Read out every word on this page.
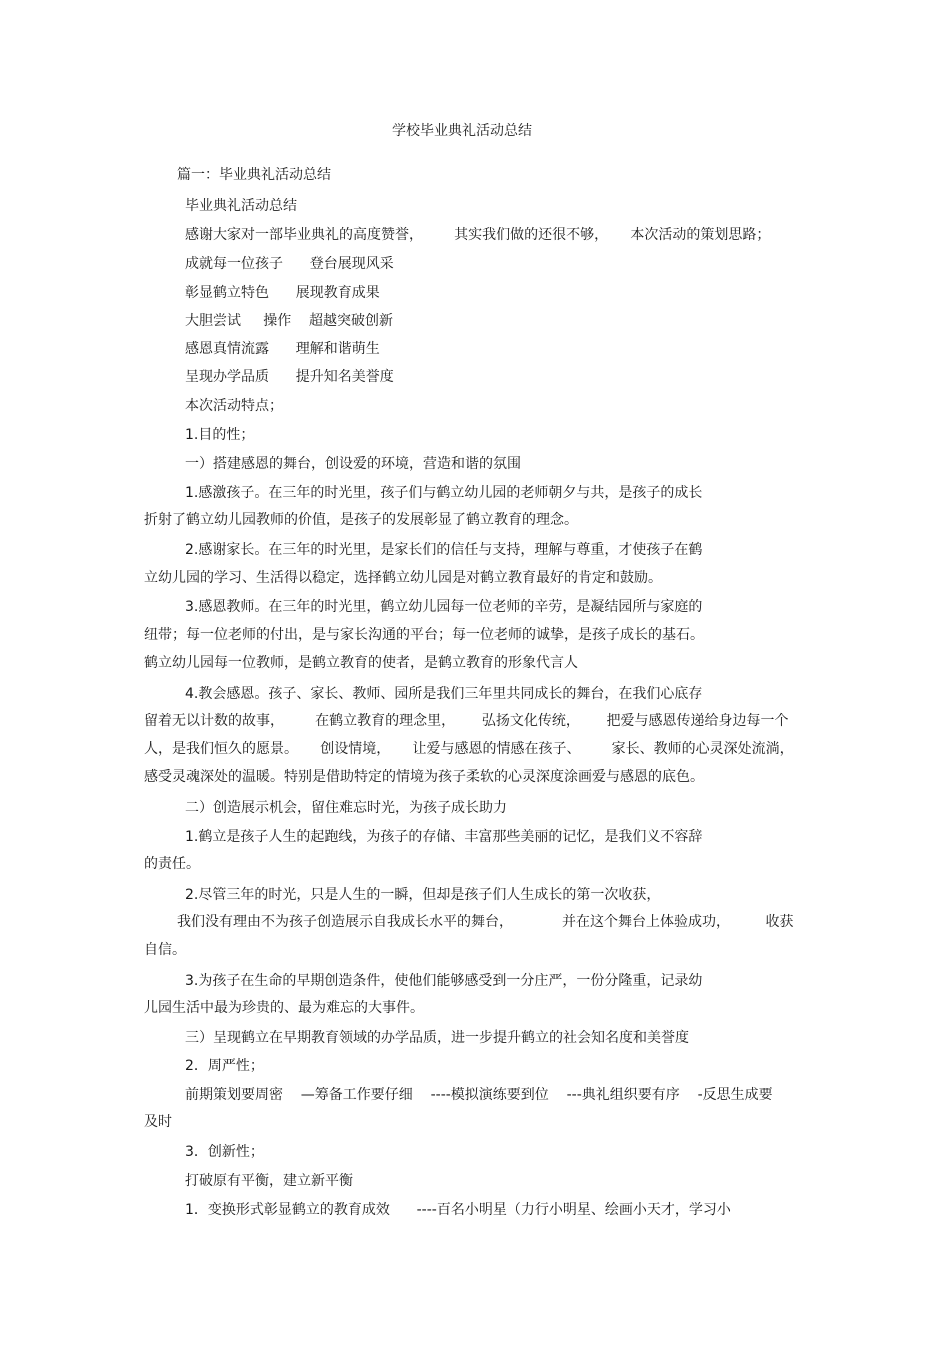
学校毕业典礼活动总结

篇一：毕业典礼活动总结

毕业典礼活动总结

感谢大家对一部毕业典礼的高度赞誉，       其实我们做的还很不够，     本次活动的策划思路；

成就每一位孩子      登台展现风采

彰显鹤立特色      展现教育成果

大胆尝试     操作    超越突破创新

感恩真情流露      理解和谐萌生

呈现办学品质      提升知名美誉度

本次活动特点；

1.目的性；

一）搭建感恩的舞台，创设爱的环境，营造和谐的氛围

1.感激孩子。在三年的时光里，孩子们与鹤立幼儿园的老师朝夕与共，是孩子的成长

折射了鹤立幼儿园教师的价值，是孩子的发展彰显了鹤立教育的理念。

2.感谢家长。在三年的时光里，是家长们的信任与支持，理解与尊重，才使孩子在鹤

立幼儿园的学习、生活得以稳定，选择鹤立幼儿园是对鹤立教育最好的肯定和鼓励。

3.感恩教师。在三年的时光里，鹤立幼儿园每一位老师的辛劳，是凝结园所与家庭的

纽带；每一位老师的付出，是与家长沟通的平台；每一位老师的诚挚，是孩子成长的基石。

鹤立幼儿园每一位教师，是鹤立教育的使者，是鹤立教育的形象代言人

4.教会感恩。孩子、家长、教师、园所是我们三年里共同成长的舞台，在我们心底存

留着无以计数的故事，       在鹤立教育的理念里，      弘扬文化传统，      把爱与感恩传递给身边每一个

人，是我们恒久的愿景。     创设情境，     让爱与感恩的情感在孩子、       家长、教师的心灵深处流淌，

感受灵魂深处的温暖。特别是借助特定的情境为孩子柔软的心灵深度涂画爱与感恩的底色。

二）创造展示机会，留住难忘时光，为孩子成长助力

1.鹤立是孩子人生的起跑线，为孩子的存储、丰富那些美丽的记忆，是我们义不容辞

的责任。

2.尽管三年的时光，只是人生的一瞬，但却是孩子们人生成长的第一次收获，

我们没有理由不为孩子创造展示自我成长水平的舞台，           并在这个舞台上体验成功，        收获

自信。

3.为孩子在生命的早期创造条件，使他们能够感受到一分庄严，一份分隆重，记录幼

儿园生活中最为珍贵的、最为难忘的大事件。

三）呈现鹤立在早期教育领域的办学品质，进一步提升鹤立的社会知名度和美誉度

2．周严性；

前期策划要周密    —筹备工作要仔细    ----模拟演练要到位    ---典礼组织要有序    -反思生成要

及时

3．创新性；

打破原有平衡，建立新平衡

1．变换形式彰显鹤立的教育成效      ----百名小明星（力行小明星、绘画小天才，学习小
